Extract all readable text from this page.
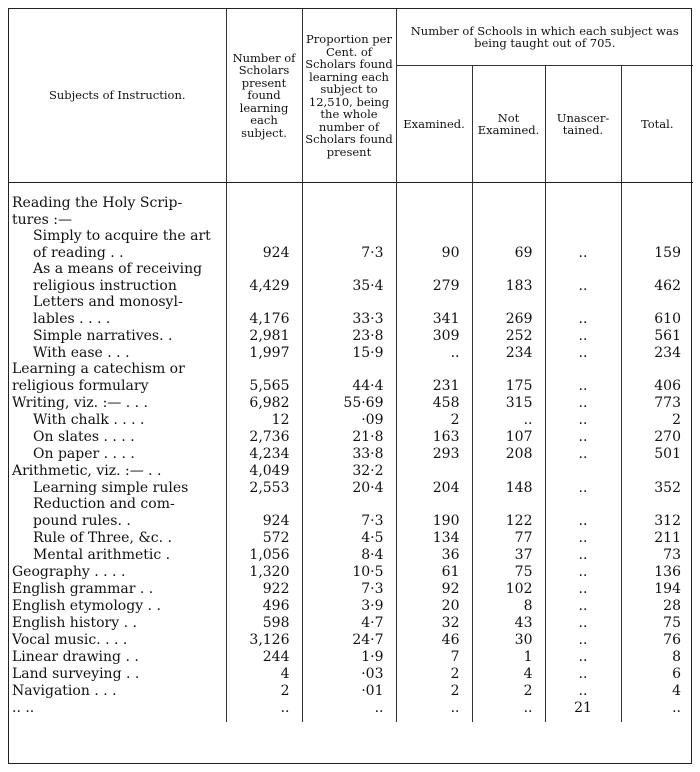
Subjects of Instruction.	Number of Scholars present found learning each subject.	Proportion per Cent. of Scholars found learning each subject to 12,510, being the whole number of Scholars found present	Number of Schools in which each subject was being taught out of 705.			
			Examined.	Not Examined.	Unascer-tained.	Total.
Reading the Holy Scrip- tures :—						
Simply to acquire the art of reading . .	924	7·3	90	69	..	159
As a means of receiving religious instruction	4,429	35·4	279	183	..	462
Letters and monosyl- lables . . . .	4,176	33·3	341	269	..	610
Simple narratives. .	2,981	23·8	309	252	..	561
With ease . . .	1,997	15·9	..	234	..	234
Learning a catechism or religious formulary	5,565	44·4	231	175	..	406
Writing, viz. :— . . .	6,982	55·69	458	315	..	773
With chalk . . . .	12	·09	2	..	..	2
On slates . . . .	2,736	21·8	163	107	..	270
On paper . . . .	4,234	33·8	293	208	..	501
Arithmetic, viz. :— . .	4,049	32·2				
Learning simple rules	2,553	20·4	204	148	..	352
Reduction and com- pound rules. .	924	7·3	190	122	..	312
Rule of Three, &c. .	572	4·5	134	77	..	211
Mental arithmetic .	1,056	8·4	36	37	..	73
Geography . . . .	1,320	10·5	61	75	..	136
English grammar . .	922	7·3	92	102	..	194
English etymology . .	496	3·9	20	8	..	28
English history . .	598	4·7	32	43	..	75
Vocal music. . . .	3,126	24·7	46	30	..	76
Linear drawing . .	244	1·9	7	1	..	8
Land surveying . .	4	·03	2	4	..	6
Navigation . . .	2	·01	2	2	..	4
.. ..	..	..	..	..	21	..
